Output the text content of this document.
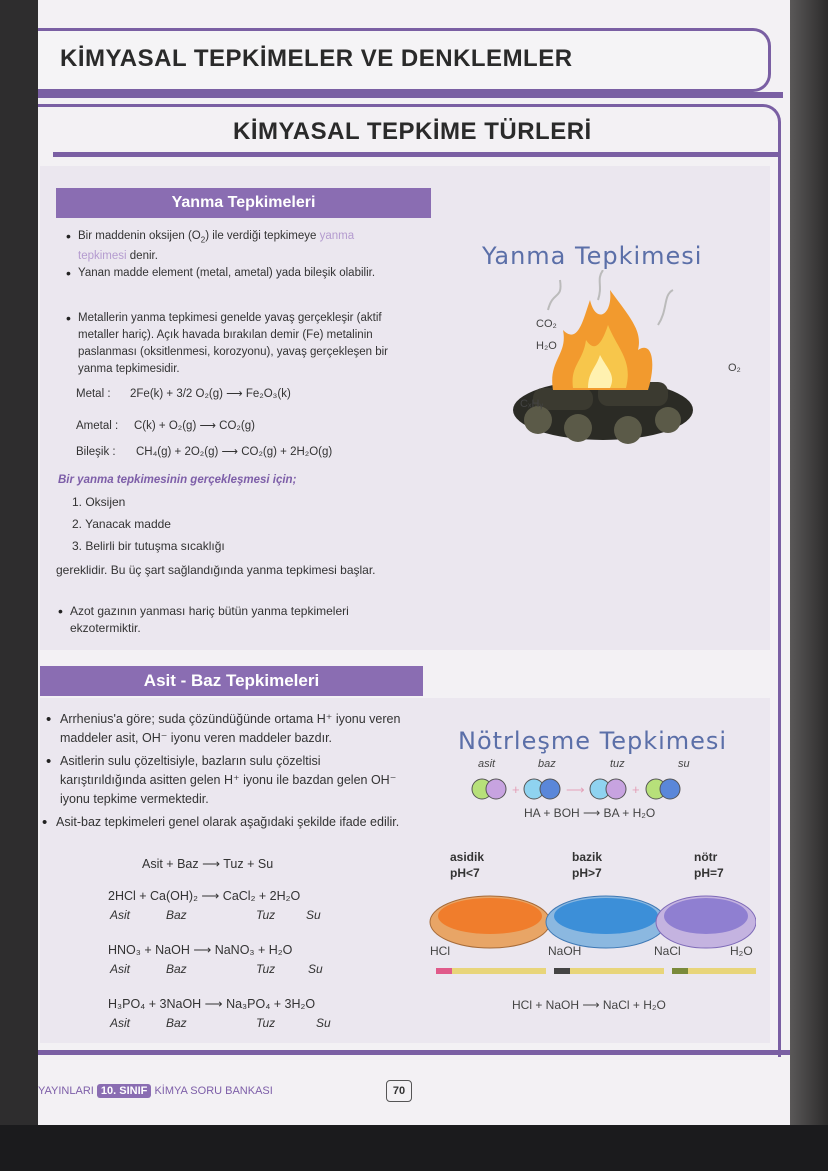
KİMYASAL TEPKİMELER VE DENKLEMLER
KİMYASAL TEPKİME TÜRLERİ
Yanma Tepkimeleri
• Bir maddenin oksijen $(O_2)$ ile verdiği tepkimeye yanma tepkimesi denir.
• Yanan madde element (metal, ametal) yada bileşik olabilir.
• Metallerin yanma tepkimesi genelde yavaş gerçekleşir (aktif metaller hariç). Açık havada bırakılan demir (Fe) metalinin paslanması (oksitlenmesi, korozyonu), yavaş gerçekleşen bir yanma tepkimesidir.
Metal : 2Fe(k) + 3/2 O₂(g) ⟶ Fe₂O₃(k)
Ametal : C(k) + O₂(g) ⟶ CO₂(g)
Bileşik : CH₄(g) + 2O₂(g) ⟶ CO₂(g) + 2H₂O(g)
Bir yanma tepkimesinin gerçekleşmesi için;
1. Oksijen
2. Yanacak madde
3. Belirli bir tutuşma sıcaklığı
gereklidir. Bu üç şart sağlandığında yanma tepkimesi başlar.
• Azot gazının yanması hariç bütün yanma tepkimeleri ekzotermiktir.
Yanma Tepkimesi
CO₂
H₂O
O₂
CₓHᵧ
Asit - Baz Tepkimeleri
• Arrhenius'a göre; suda çözündüğünde ortama H⁺ iyonu veren maddeler asit, OH⁻ iyonu veren maddeler bazdır.
• Asitlerin sulu çözeltisiyle, bazların sulu çözeltisi karıştırıldığında asitten gelen H⁺ iyonu ile bazdan gelen OH⁻ iyonu tepkime vermektedir.
• Asit-baz tepkimeleri genel olarak aşağıdaki şekilde ifade edilir.
Asit + Baz ⟶ Tuz + Su
2HCl + Ca(OH)₂ ⟶ CaCl₂ + 2H₂O
Asit	Baz	Tuz	Su
HNO₃ + NaOH ⟶ NaNO₃ + H₂O
Asit	Baz	Tuz	Su
H₃PO₄ + 3NaOH ⟶ Na₃PO₄ + 3H₂O
Asit	Baz	Tuz	Su
Nötrleşme Tepkimesi
asit	baz	tuz	su
+	⟶	+
HA + BOH ⟶ BA + H₂O
asidik
pH<7
bazik
pH>7
nötr
pH=7
HCl	NaOH	NaCl	H₂O
HCl + NaOH ⟶ NaCl + H₂O
YAYINLARI 10. SINIF KİMYA SORU BANKASI	70
